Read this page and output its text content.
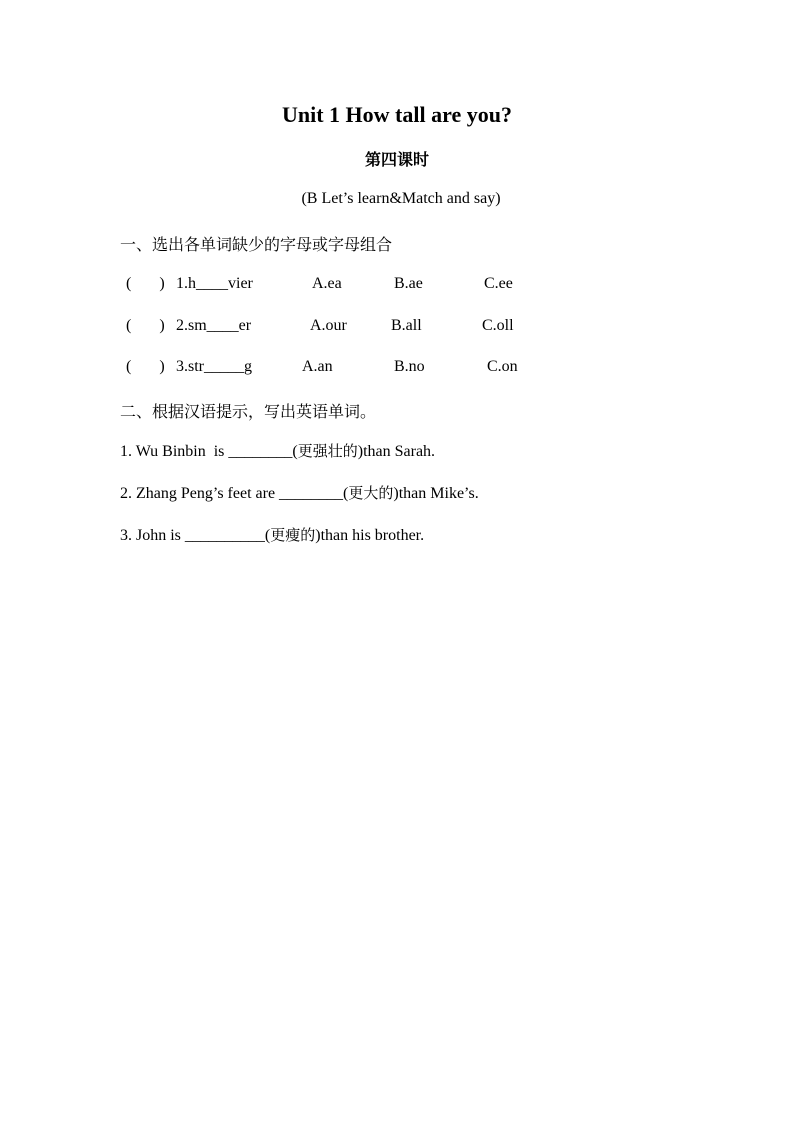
Unit 1 How tall are you?
第四课时
(B Let’s learn&Match and say)
一、选出各单词缺少的字母或字母组合
(       ) 1.h____vier	A.ea	B.ae	C.ee
(       ) 2.sm____er	A.our	B.all	C.oll
(       ) 3.str_____g	A.an	B.no	C.on
二、根据汉语提示，写出英语单词。
1. Wu Binbin  is ________(更强壮的)than Sarah.
2. Zhang Peng’s feet are ________(更大的)than Mike’s.
3. John is __________(更瘦的)than his brother.
